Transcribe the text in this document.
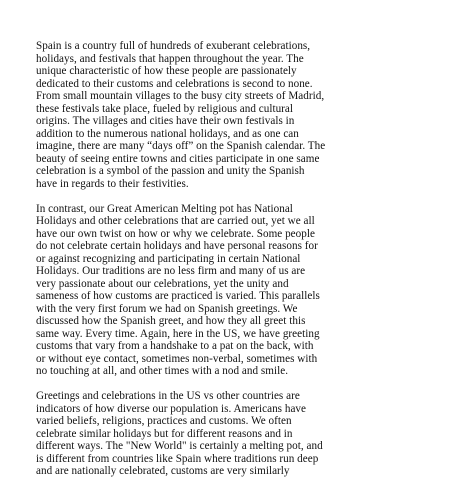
Spain is a country full of hundreds of exuberant celebrations,
holidays, and festivals that happen throughout the year. The
unique characteristic of how these people are passionately
dedicated to their customs and celebrations is second to none.
From small mountain villages to the busy city streets of Madrid,
these festivals take place, fueled by religious and cultural
origins. The villages and cities have their own festivals in
addition to the numerous national holidays, and as one can
imagine, there are many “days off” on the Spanish calendar. The
beauty of seeing entire towns and cities participate in one same
celebration is a symbol of the passion and unity the Spanish
have in regards to their festivities.
In contrast, our Great American Melting pot has National
Holidays and other celebrations that are carried out, yet we all
have our own twist on how or why we celebrate. Some people
do not celebrate certain holidays and have personal reasons for
or against recognizing and participating in certain National
Holidays. Our traditions are no less firm and many of us are
very passionate about our celebrations, yet the unity and
sameness of how customs are practiced is varied. This parallels
with the very first forum we had on Spanish greetings. We
discussed how the Spanish greet, and how they all greet this
same way. Every time. Again, here in the US, we have greeting
customs that vary from a handshake to a pat on the back, with
or without eye contact, sometimes non-verbal, sometimes with
no touching at all, and other times with a nod and smile.
Greetings and celebrations in the US vs other countries are
indicators of how diverse our population is. Americans have
varied beliefs, religions, practices and customs. We often
celebrate similar holidays but for different reasons and in
different ways. The "New World" is certainly a melting pot, and
is different from countries like Spain where traditions run deep
and are nationally celebrated, customs are very similarly
